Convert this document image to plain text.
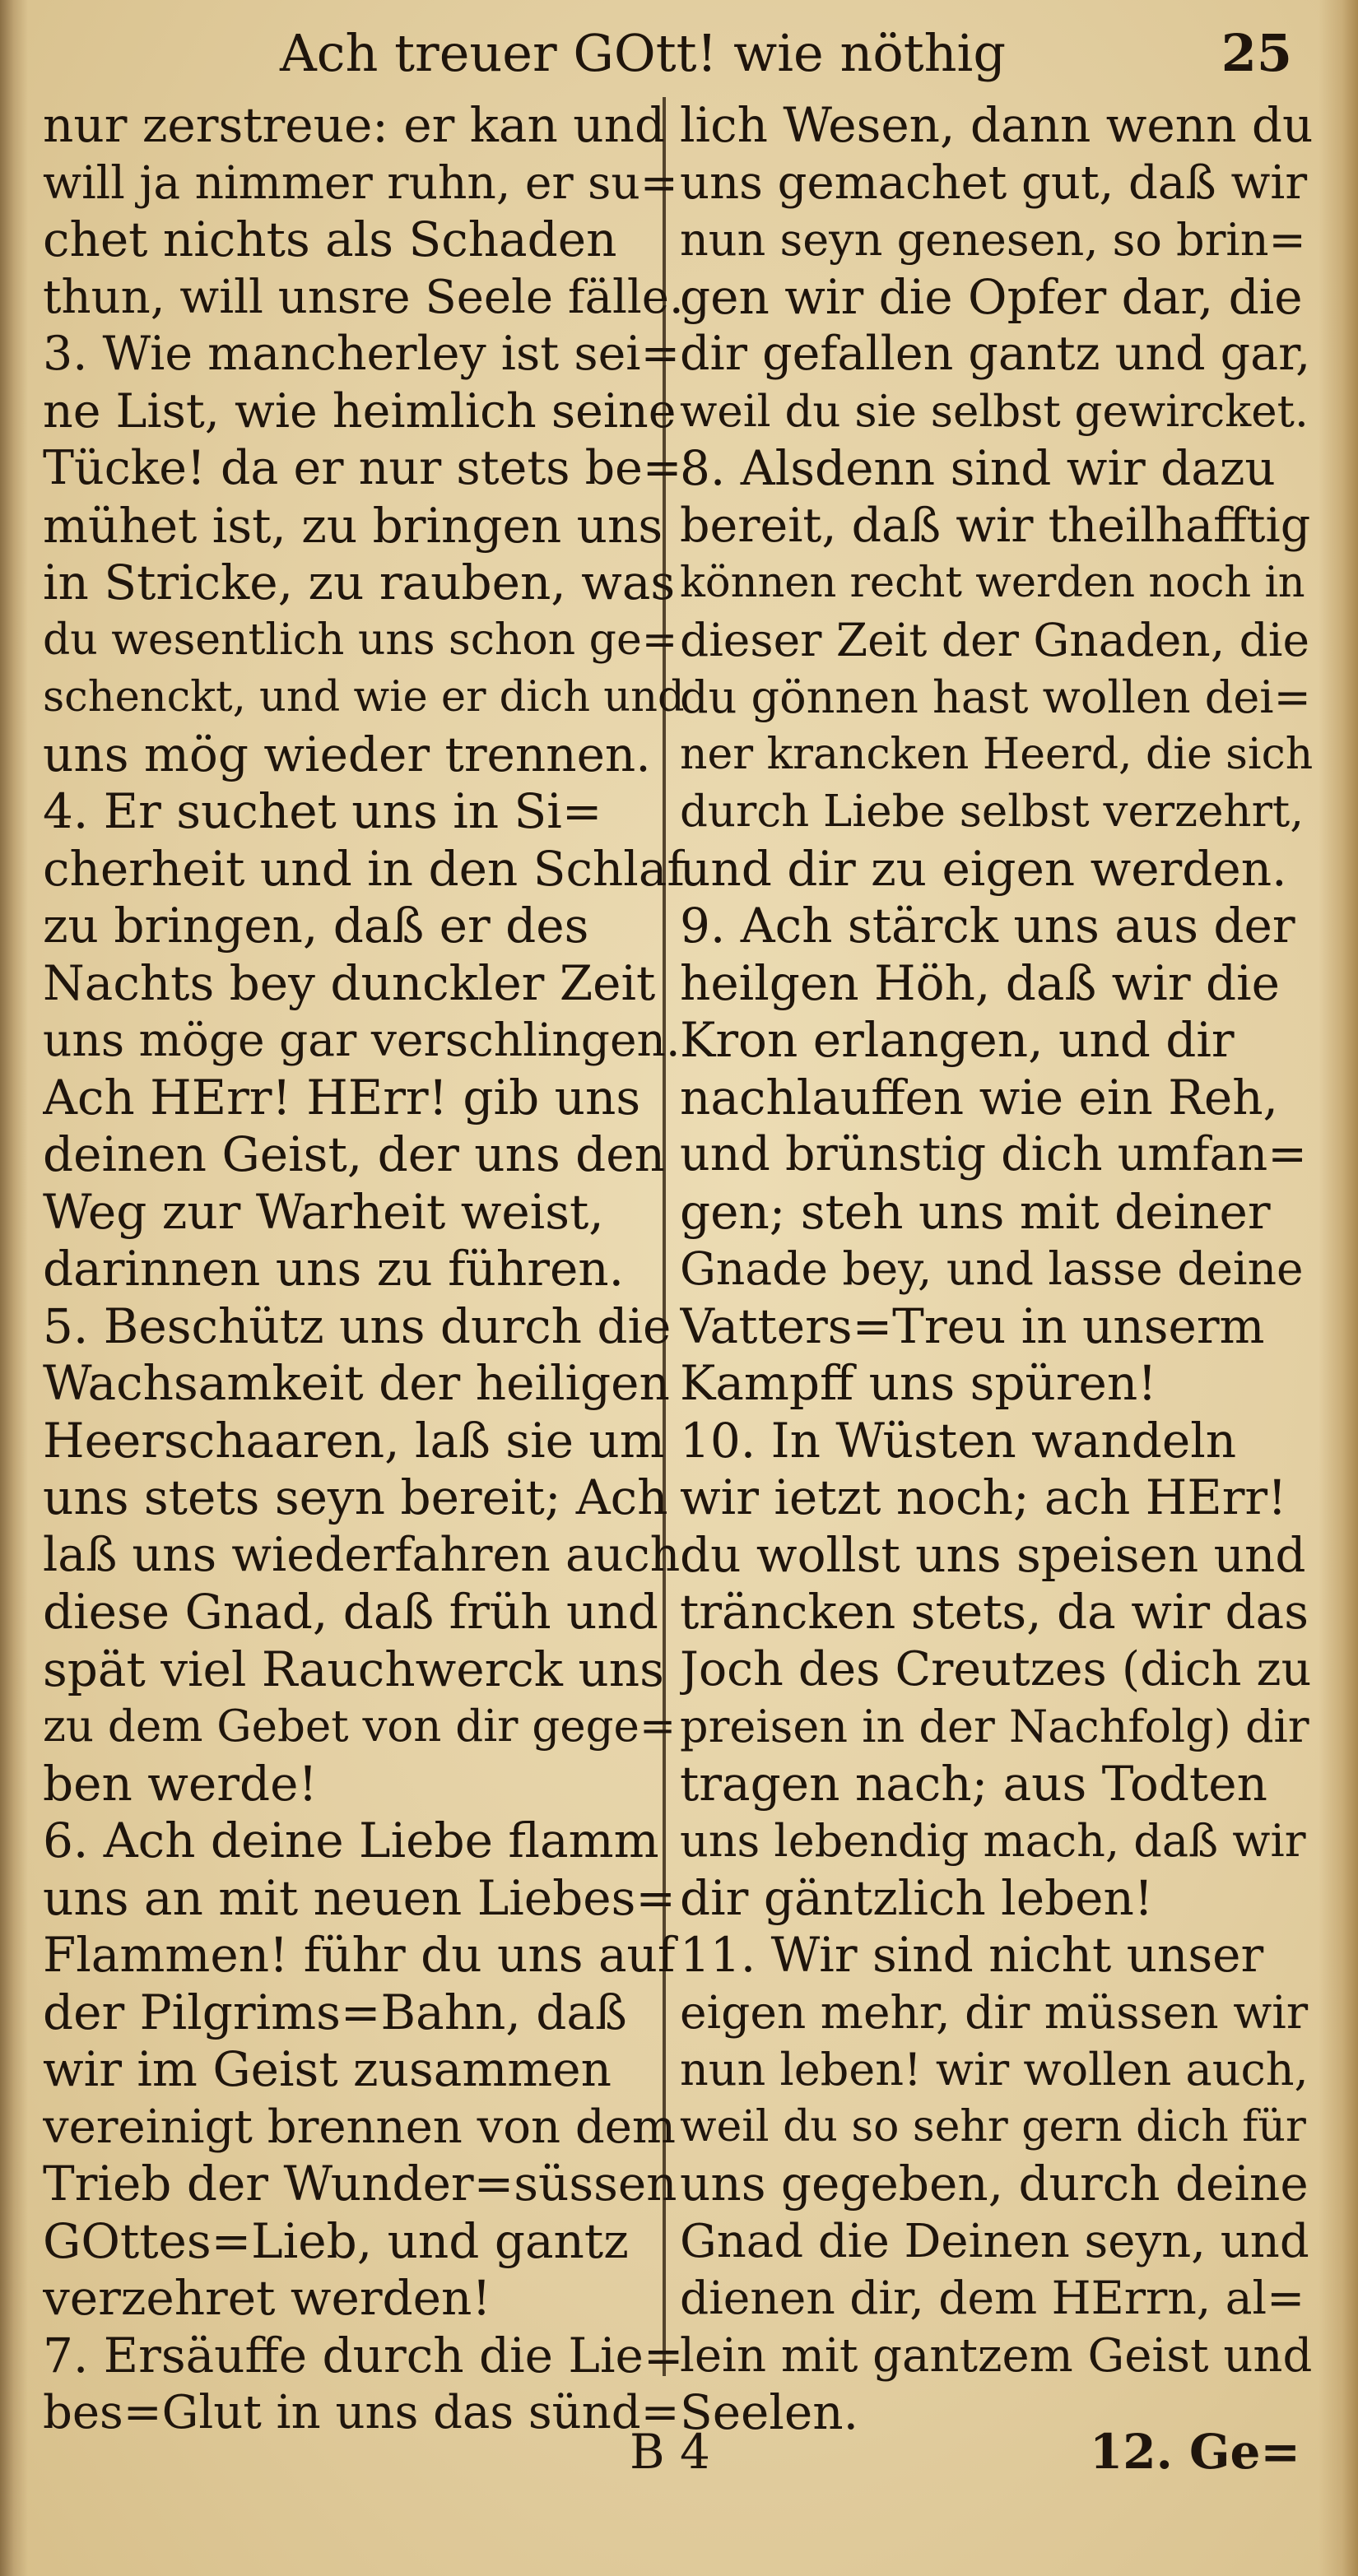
Ach treuer GOtt! wie nöthig	25
nur zerstreue: er kan und
will ja nimmer ruhn, er su=
chet nichts als Schaden
thun, will unsre Seele fälle.
3. Wie mancherley ist sei=
ne List, wie heimlich seine
Tücke! da er nur stets be=
mühet ist, zu bringen uns
in Stricke, zu rauben, was
du wesentlich uns schon ge=
schenckt, und wie er dich und
uns mög wieder trennen.
4. Er suchet uns in Si=
cherheit und in den Schlaf
zu bringen, daß er des
Nachts bey dunckler Zeit
uns möge gar verschlingen.
Ach HErr! HErr! gib uns
deinen Geist, der uns den
Weg zur Warheit weist,
darinnen uns zu führen.
5. Beschütz uns durch die
Wachsamkeit der heiligen
Heerschaaren, laß sie um
uns stets seyn bereit; Ach
laß uns wiederfahren auch
diese Gnad, daß früh und
spät viel Rauchwerck uns
zu dem Gebet von dir gege=
ben werde!
6. Ach deine Liebe flamm
uns an mit neuen Liebes=
Flammen! führ du uns auf
der Pilgrims=Bahn, daß
wir im Geist zusammen
vereinigt brennen von dem
Trieb der Wunder=süssen
GOttes=Lieb, und gantz
verzehret werden!
7. Ersäuffe durch die Lie=
bes=Glut in uns das sünd=
lich Wesen, dann wenn du
uns gemachet gut, daß wir
nun seyn genesen, so brin=
gen wir die Opfer dar, die
dir gefallen gantz und gar,
weil du sie selbst gewircket.
8. Alsdenn sind wir dazu
bereit, daß wir theilhafftig
können recht werden noch in
dieser Zeit der Gnaden, die
du gönnen hast wollen dei=
ner krancken Heerd, die sich
durch Liebe selbst verzehrt,
und dir zu eigen werden.
9. Ach stärck uns aus der
heilgen Höh, daß wir die
Kron erlangen, und dir
nachlauffen wie ein Reh,
und brünstig dich umfan=
gen; steh uns mit deiner
Gnade bey, und lasse deine
Vatters=Treu in unserm
Kampff uns spüren!
10. In Wüsten wandeln
wir ietzt noch; ach HErr!
du wollst uns speisen und
träncken stets, da wir das
Joch des Creutzes (dich zu
preisen in der Nachfolg) dir
tragen nach; aus Todten
uns lebendig mach, daß wir
dir gäntzlich leben!
11. Wir sind nicht unser
eigen mehr, dir müssen wir
nun leben! wir wollen auch,
weil du so sehr gern dich für
uns gegeben, durch deine
Gnad die Deinen seyn, und
dienen dir, dem HErrn, al=
lein mit gantzem Geist und
Seelen.
B 4	12. Ge=
